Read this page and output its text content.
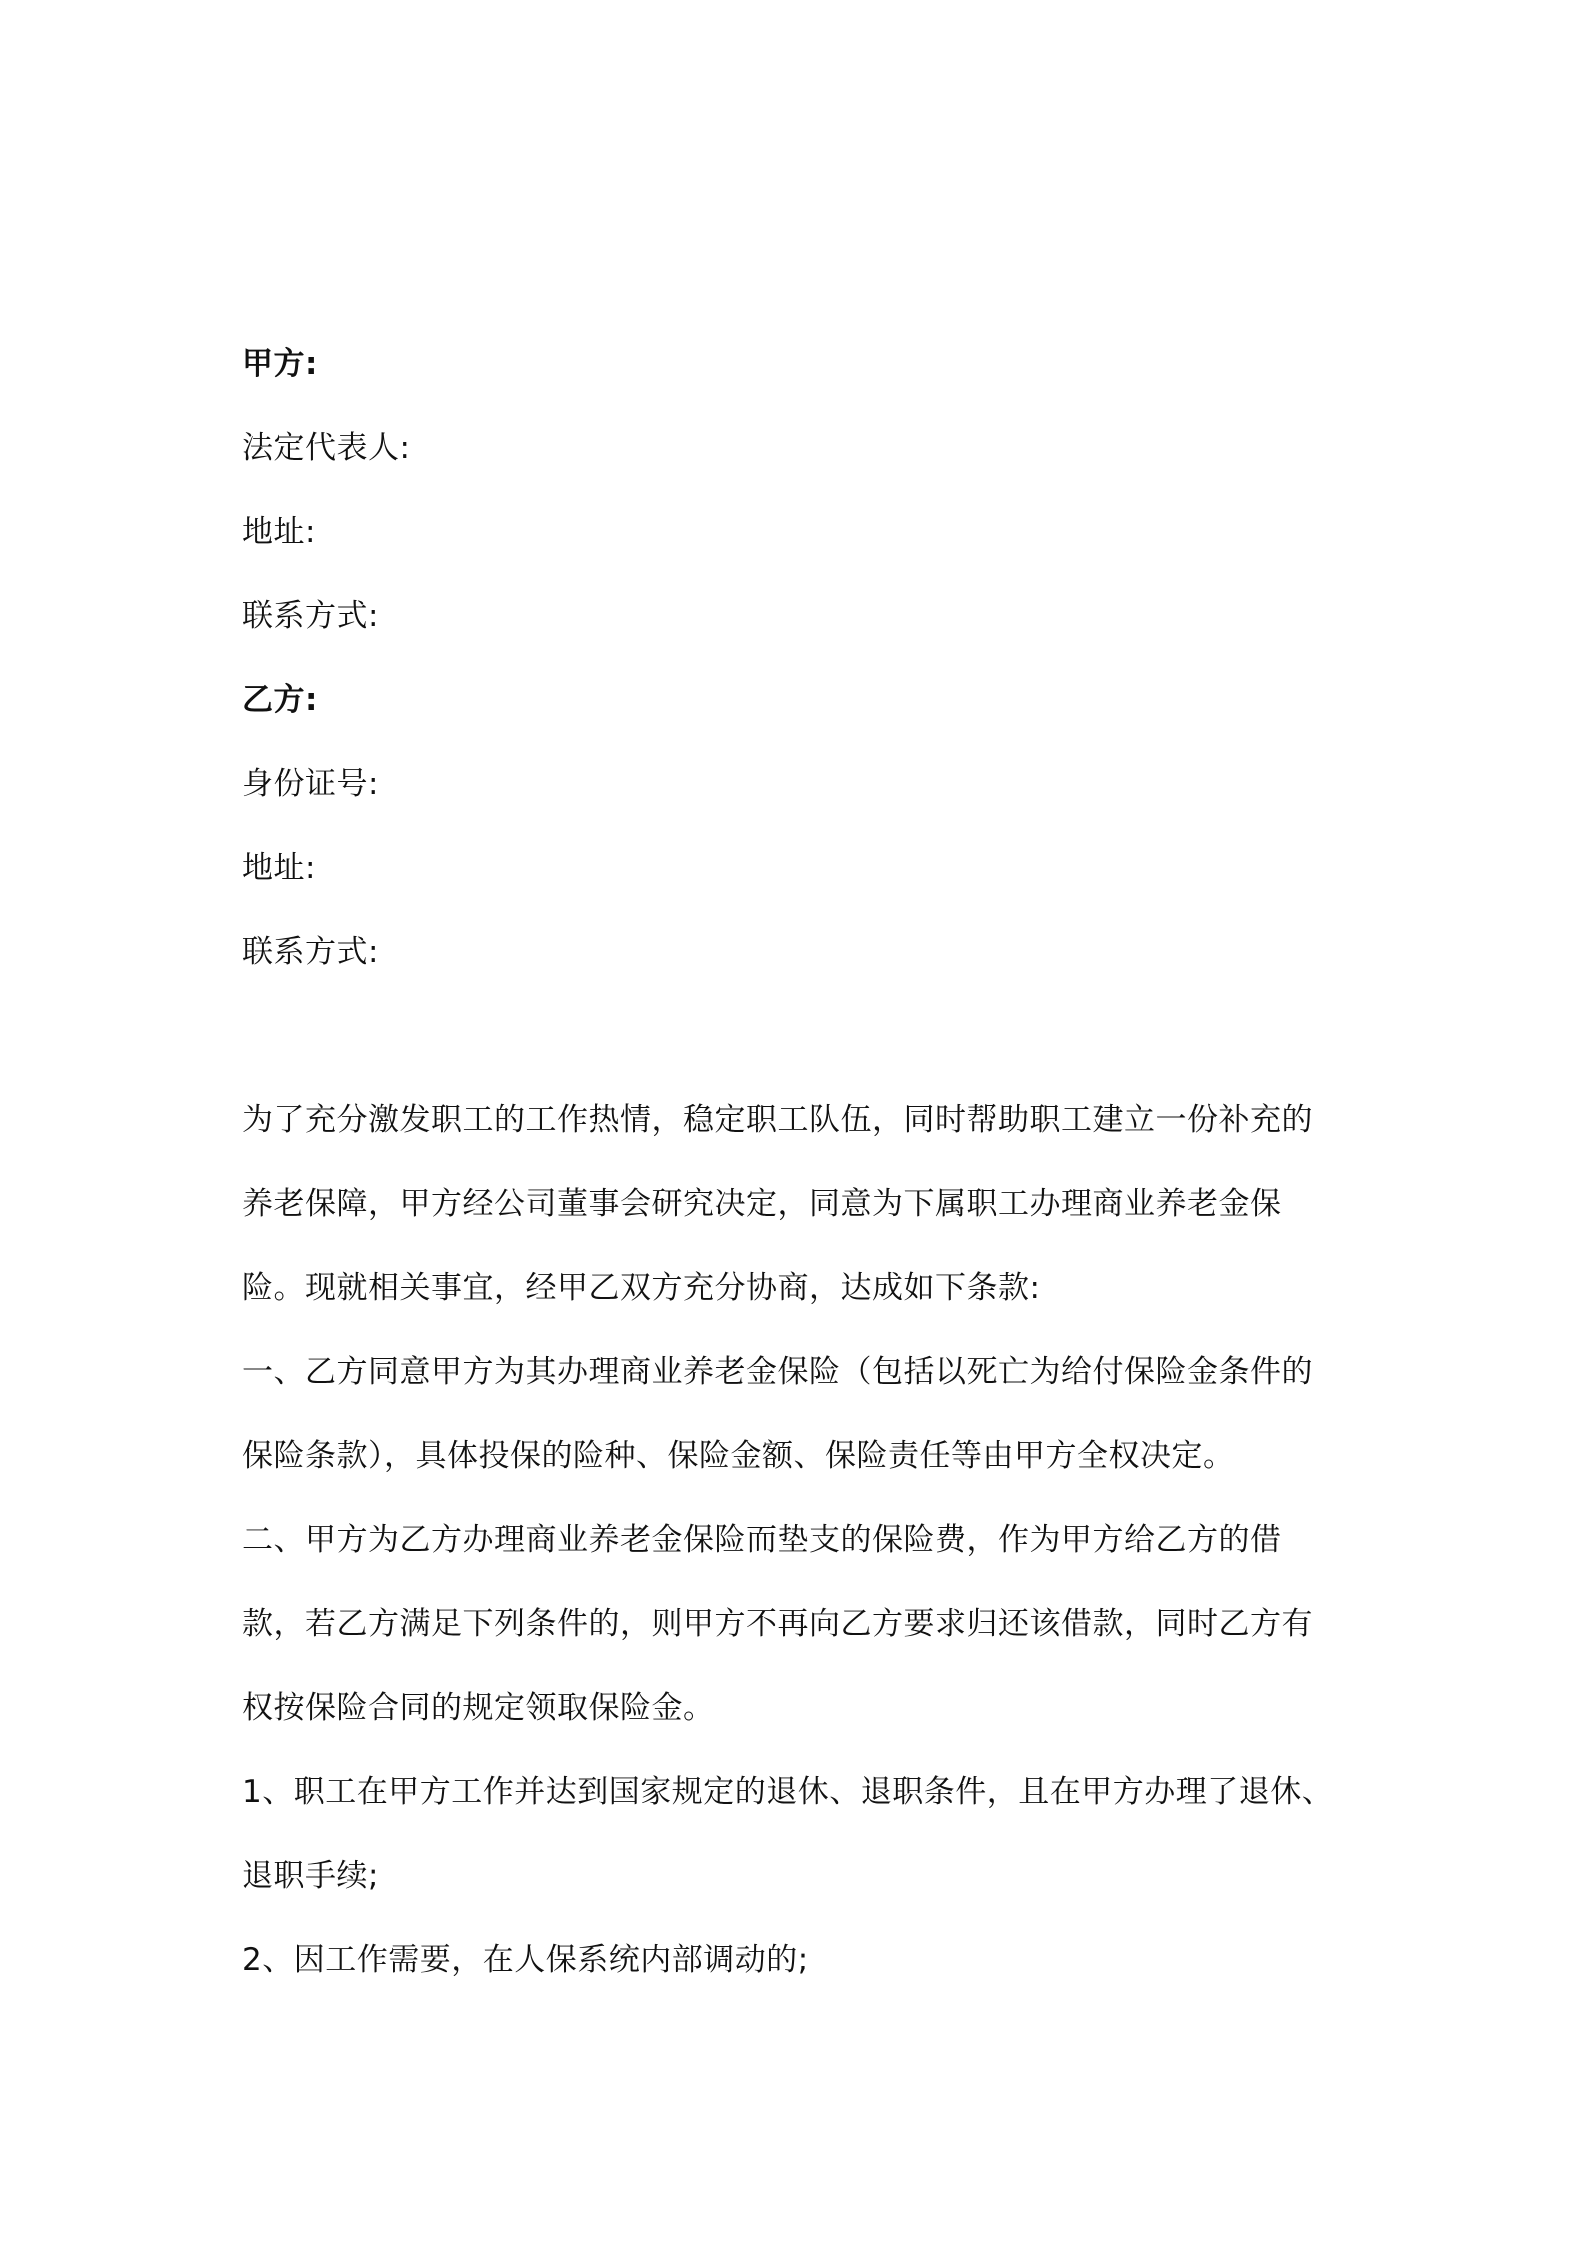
甲方:
法定代表人:
地址:
联系方式:
乙方:
身份证号:
地址:
联系方式:
为了充分激发职工的工作热情，稳定职工队伍，同时帮助职工建立一份补充的
养老保障，甲方经公司董事会研究决定，同意为下属职工办理商业养老金保
险。现就相关事宜，经甲乙双方充分协商，达成如下条款:
一、乙方同意甲方为其办理商业养老金保险（包括以死亡为给付保险金条件的
保险条款），具体投保的险种、保险金额、保险责任等由甲方全权决定。
二、甲方为乙方办理商业养老金保险而垫支的保险费，作为甲方给乙方的借
款，若乙方满足下列条件的，则甲方不再向乙方要求归还该借款，同时乙方有
权按保险合同的规定领取保险金。
1、职工在甲方工作并达到国家规定的退休、退职条件，且在甲方办理了退休、
退职手续;
2、因工作需要，在人保系统内部调动的;
